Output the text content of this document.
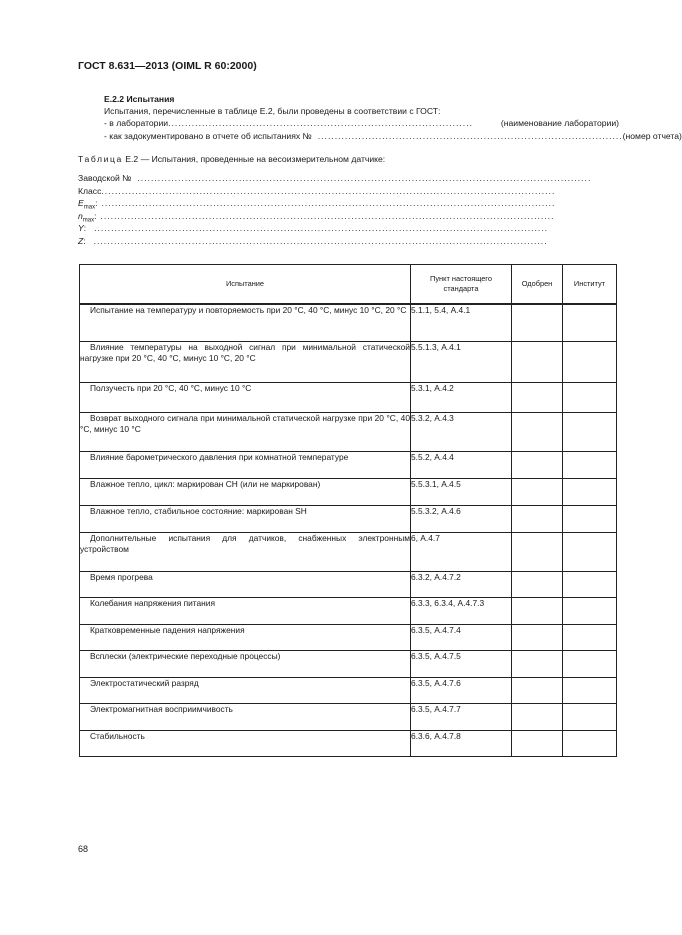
ГОСТ 8.631—2013 (OIML R 60:2000)
Е.2.2 Испытания
Испытания, перечисленные в таблице Е.2, были проведены в соответствии с ГОСТ:
- в лаборатории ..........................................................................................	(наименование лаборатории)
- как задокументировано в отчете об испытаниях № .......................................................................................... (номер отчета)
Таблица Е.2 — Испытания, проведенные на весоизмерительном датчике:
Заводской № ......................................................................................................................................
Класс ......................................................................................................................................
$E_{max}$: ......................................................................................................................................
$n_{max}$: ......................................................................................................................................
Y: ......................................................................................................................................
Z: ......................................................................................................................................
Испытание	Пункт настоящего стандарта	Одобрен	Институт

Испытание на температуру и повторяемость при 20 °С, 40 °С, минус 10 °С, 20 °С	5.1.1, 5.4, А.4.1		

Влияние температуры на выходной сигнал при минимальной статической нагрузке при 20 °С, 40 °С, минус 10 °С, 20 °С	5.5.1.3, А.4.1		

Ползучесть при 20 °С, 40 °С, минус 10 °С	5.3.1, А.4.2		

Возврат выходного сигнала при минимальной статической нагрузке при 20 °С, 40 °С, минус 10 °С	5.3.2, А.4.3		

Влияние барометрического давления при комнатной температуре	5.5.2, А.4.4		

Влажное тепло, цикл: маркирован СН (или не маркирован)	5.5.3.1, А.4.5		

Влажное тепло, стабильное состояние: маркирован SH	5.5.3.2, А.4.6		

Дополнительные испытания для датчиков, снабженных электронным устройством	6, А.4.7		

Время прогрева	6.3.2, А.4.7.2		

Колебания напряжения питания	6.3.3, 6.3.4, А.4.7.3		

Кратковременные падения напряжения	6.3.5, А.4.7.4		

Всплески (электрические переходные процессы)	6.3.5, А.4.7.5		

Электростатический разряд	6.3.5, А.4.7.6		

Электромагнитная восприимчивость	6.3.5, А.4.7.7		

Стабильность	6.3.6, А.4.7.8		
68
